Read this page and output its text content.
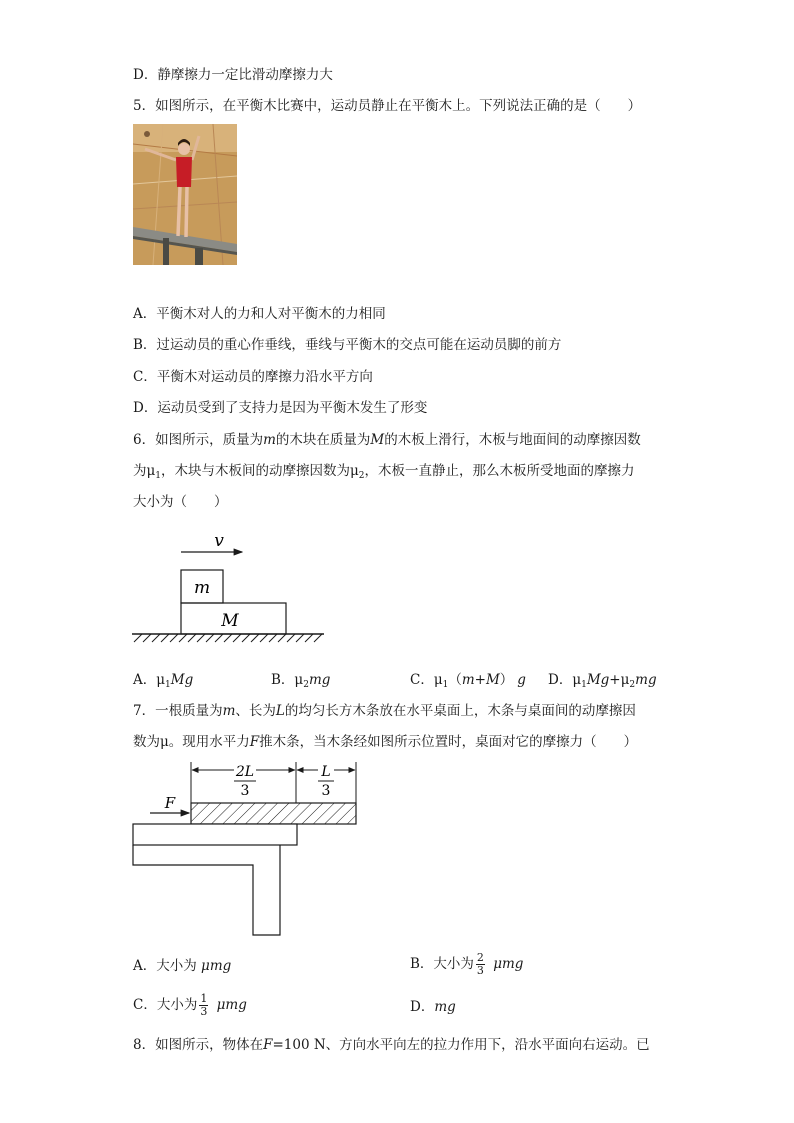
D．静摩擦力一定比滑动摩擦力大
5．如图所示，在平衡木比赛中，运动员静止在平衡木上。下列说法正确的是（　　）
A．平衡木对人的力和人对平衡木的力相同
B．过运动员的重心作垂线，垂线与平衡木的交点可能在运动员脚的前方
C．平衡木对运动员的摩擦力沿水平方向
D．运动员受到了支持力是因为平衡木发生了形变
6．如图所示，质量为m的木块在质量为M的木板上滑行，木板与地面间的动摩擦因数
为$\mu_1$，木块与木板间的动摩擦因数为$\mu_2$，木板一直静止，那么木板所受地面的摩擦力
大小为（　　）
v
m
M
A．$\mu_1Mg$	B．$\mu_2mg$	C．$\mu_1(m+M)$ g D．$\mu_1Mg+\mu_2mg$
7．一根质量为m、长为L的均匀长方木条放在水平桌面上，木条与桌面间的动摩擦因
数为μ。现用水平力F推木条，当木条经如图所示位置时，桌面对它的摩擦力（　　）
2L
3
L
3
F
A．大小为 μmg	B．大小为 $\frac{2}{3}$ μmg
C．大小为 $\frac{1}{3}$ μmg	D．mg
8．如图所示，物体在F=100 N、方向水平向左的拉力作用下，沿水平面向右运动。已
